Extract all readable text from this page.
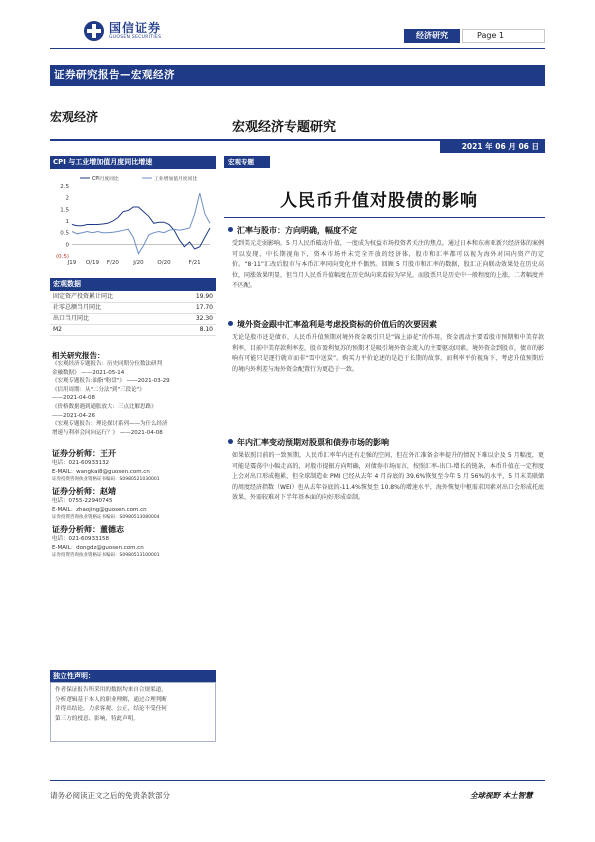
国信证券
GUOSEN SECURITIES	经济研究	Page 1
证券研究报告—宏观经济
宏观经济
宏观经济专题研究
2021 年 06 月 06 日
CPI 与工业增加值月度同比增速
CPI月度同比	工业增加值月度同比
2.5
2
1.5
1
0.5
0
(0.5)
J19 O/19 F/20	J/20 O/20	F/21
宏观数据
固定资产投资累计同比	19.90
社零总额当月同比	17.70
出口当月同比	32.30
M2	8.10
相关研究报告：
《宏观经济专题报告：历史同期分位数法研判
金融数据》 ——2021-05-14
《宏观专题报告:油脂"粉盘"》 ——2021-03-29
《信用周期：从"二分法"到"三段论"》
——2021-04-08
《价格数据遇到通胀放大：三点比解思路》
——2021-04-26
《宏观专题报告：理论探讨系列——为什么经济
增速与利率会同向运行？》 ——2021-04-08
证券分析师：王开
电话：021-60933132
E-MAIL：wangkai8@guosen.com.cn
证券投资咨询执业资格证书编码：S0980521030001
证券分析师：赵靖
电话：0755-22940745
E-MAIL：zhaojing@guosen.com.cn
证券投资咨询执业资格证书编码：S0980513080004
证券分析师：董德志
电话：021-60933158
E-MAIL：dongdz@guosen.com.cn
证券投资咨询执业资格证书编码：S0980513100001
独立性声明：
作者保证报告所采用的数据均来自合规渠道，
分析逻辑基于本人的职业理解，通过合理判断
并得出结论，力求客观、公正，结论不受任何
第三方的授意、影响，特此声明。
宏观专题
人民币升值对股债的影响
汇率与股市：方向明确，幅度不定
受到美元走弱影响，5 月人民币破动升值，一度成为权益市场投资者关注的焦点。通过日本和东南亚新兴经济体的案例可以发现，中长期视角下，资本市场并未完全开放的经济体，股市和汇率都可以视为海外对国内资产的定价。“8·11”汇改后股市与本币汇率同向变化并不偶然。回顾 5 月股市和汇率的数据，股汇正向联动效果处在历史高位，同涨效果明显，但当月人民币升值幅度在历史纵向来看较为罕见，而股票只是历史中一般程度的上涨，二者幅度并不匹配。
境外资金跟中汇率盈利是考虑投资标的价值后的次要因素
无论是股市还是债市，人民币升值预期对境外资金吸引只是“锦上添花”的作用，资金流动主要看股市预期和中美存款利率，目前中美存款利率差，股市盈利复苏的预期才是吸引境外资金流入的主要驱动因素。境外资金到股市，债市的影响有可能只是逐行就市而非“雪中送炭”。购买力平价论述的是趋于长期的故事，而利率平价视角下，考虑升值预期后的境内外利差与海外资金配置行为更趋于一致。
年内汇率变动预期对股票和债券市场的影响
如果依照目前的一致预期，人民币汇率年内还有走强的空间，但在外汇准备金率提升的情况下难以企及 5 月幅度，更可能是震荡中小幅走高的，对股市提振方向明确，对债券市场而言，按照汇率-出口-增长的链条，本币升值在一定程度上会对出口形成拖累，但全球制造业 PMI 已经从去年 4 月谷底的 39.6%恢复至今年 5 月 56%的水平，5 月末美联储的周度经济指数（WEI）也从去年谷底的-11.4%恢复至 10.8%的增速水平，海外恢复中枢需求因素对出口会形成托底效果，外需较难对下半年基本面的向好形成牵制。
请务必阅读正文之后的免责条款部分	全球视野 本土智慧
